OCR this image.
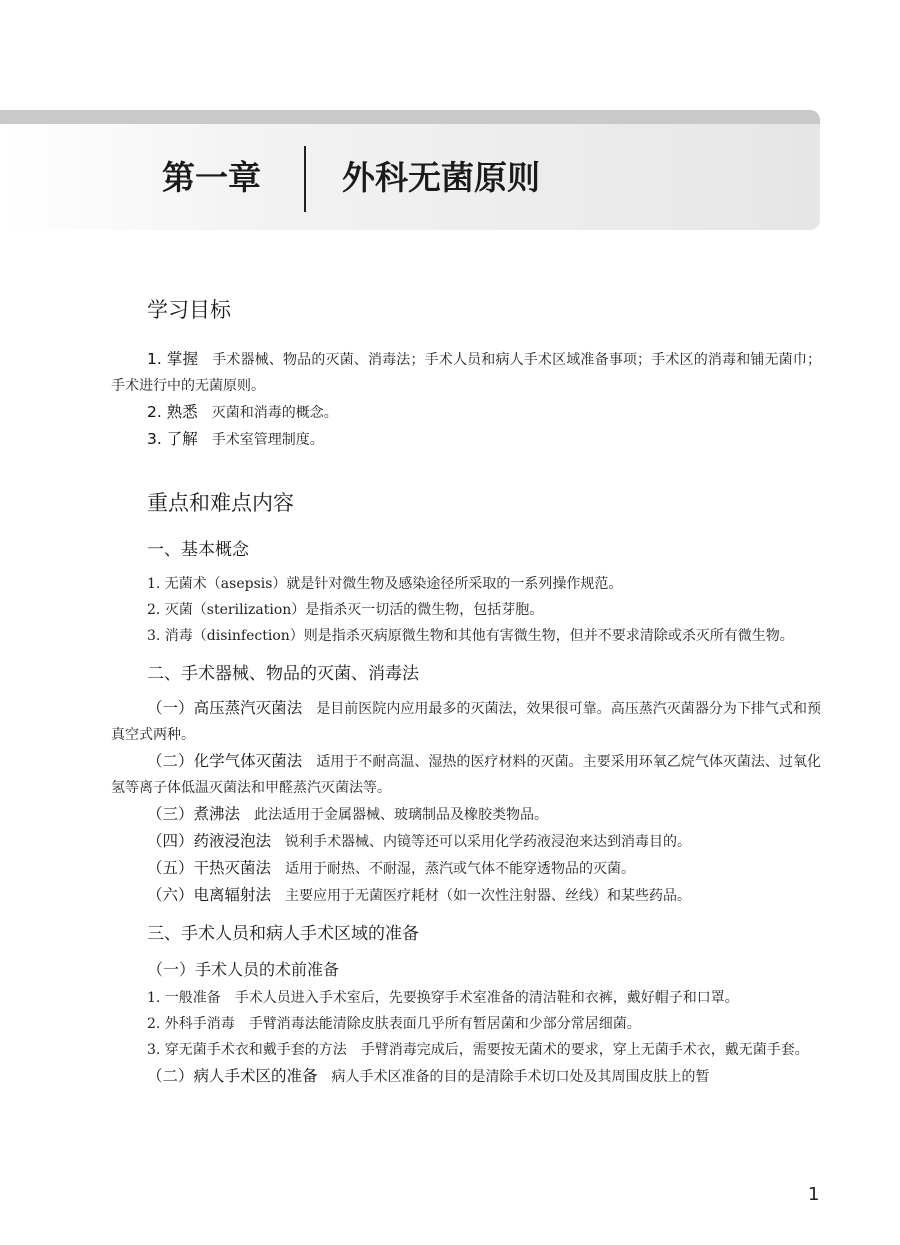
第一章 外科无菌原则
学习目标

1. 掌握 手术器械、物品的灭菌、消毒法；手术人员和病人手术区域准备事项；手术区的消毒和铺无菌巾；手术进行中的无菌原则。

2. 熟悉 灭菌和消毒的概念。

3. 了解 手术室管理制度。

重点和难点内容
一、基本概念

1. 无菌术（asepsis）就是针对微生物及感染途径所采取的一系列操作规范。

2. 灭菌（sterilization）是指杀灭一切活的微生物，包括芽胞。

3. 消毒（disinfection）则是指杀灭病原微生物和其他有害微生物，但并不要求清除或杀灭所有微生物。

二、手术器械、物品的灭菌、消毒法

（一）高压蒸汽灭菌法 是目前医院内应用最多的灭菌法，效果很可靠。高压蒸汽灭菌器分为下排气式和预真空式两种。

（二）化学气体灭菌法 适用于不耐高温、湿热的医疗材料的灭菌。主要采用环氧乙烷气体灭菌法、过氧化氢等离子体低温灭菌法和甲醛蒸汽灭菌法等。

（三）煮沸法 此法适用于金属器械、玻璃制品及橡胶类物品。

（四）药液浸泡法 锐利手术器械、内镜等还可以采用化学药液浸泡来达到消毒目的。

（五）干热灭菌法 适用于耐热、不耐湿，蒸汽或气体不能穿透物品的灭菌。

（六）电离辐射法 主要应用于无菌医疗耗材（如一次性注射器、丝线）和某些药品。

三、手术人员和病人手术区域的准备
（一）手术人员的术前准备

1. 一般准备　手术人员进入手术室后，先要换穿手术室准备的清洁鞋和衣裤，戴好帽子和口罩。

2. 外科手消毒　手臂消毒法能清除皮肤表面几乎所有暂居菌和少部分常居细菌。

3. 穿无菌手术衣和戴手套的方法　手臂消毒完成后，需要按无菌术的要求，穿上无菌手术衣，戴无菌手套。

（二）病人手术区的准备 病人手术区准备的目的是清除手术切口处及其周围皮肤上的暂

1
